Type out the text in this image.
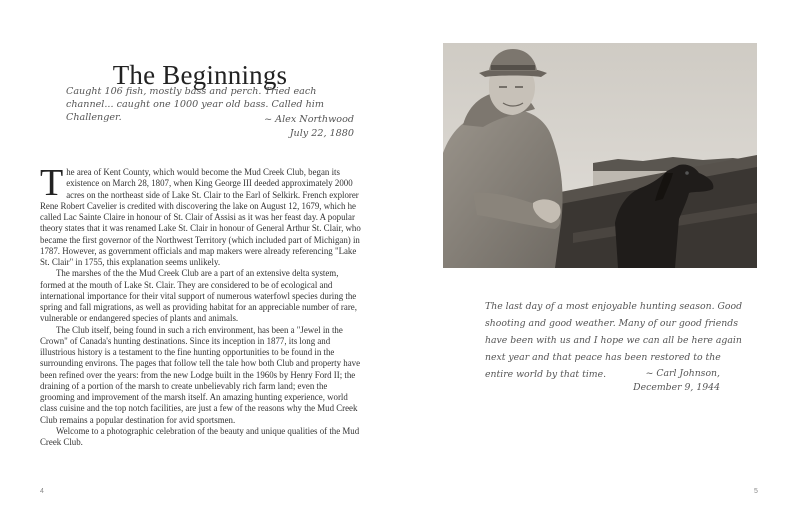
The Beginnings
Caught 106 fish, mostly bass and perch. Tried each channel... caught one 1000 year old bass. Called him Challenger.	~ Alex Northwood
July 22, 1880

The area of Kent County, which would become the Mud Creek Club, began its existence on March 28, 1807, when King George III deeded approximately 2000 acres on the northeast side of Lake St. Clair to the Earl of Selkirk. French explorer Rene Robert Cavelier is credited with discovering the lake on August 12, 1679, which he called Lac Sainte Claire in honour of St. Clair of Assisi as it was her feast day. A popular theory states that it was renamed Lake St. Clair in honour of General Arthur St. Clair, who became the first governor of the Northwest Territory (which included part of Michigan) in 1787. However, as government officials and map makers were already referencing "Lake St. Clair" in 1755, this explanation seems unlikely.

The marshes of the the Mud Creek Club are a part of an extensive delta system, formed at the mouth of Lake St. Clair. They are considered to be of ecological and international importance for their vital support of numerous waterfowl species during the spring and fall migrations, as well as providing habitat for an appreciable number of rare, vulnerable or endangered species of plants and animals.

The Club itself, being found in such a rich environment, has been a "Jewel in the Crown" of Canada's hunting destinations. Since its inception in 1877, its long and illustrious history is a testament to the fine hunting opportunities to be found in the surrounding environs. The pages that follow tell the tale how both Club and property have been refined over the years: from the new Lodge built in the 1960s by Henry Ford II; the draining of a portion of the marsh to create unbelievably rich farm land; even the grooming and improvement of the marsh itself. An amazing hunting experience, world class cuisine and the top notch facilities, are just a few of the reasons why the Mud Creek Club remains a popular destination for avid sportsmen.

Welcome to a photographic celebration of the beauty and unique qualities of the Mud Creek Club.

4
The last day of a most enjoyable hunting season. Good shooting and good weather. Many of our good friends have been with us and I hope we can all be here again next year and that peace has been restored to the entire world by that time.	~ Carl Johnson,
December 9, 1944
5
